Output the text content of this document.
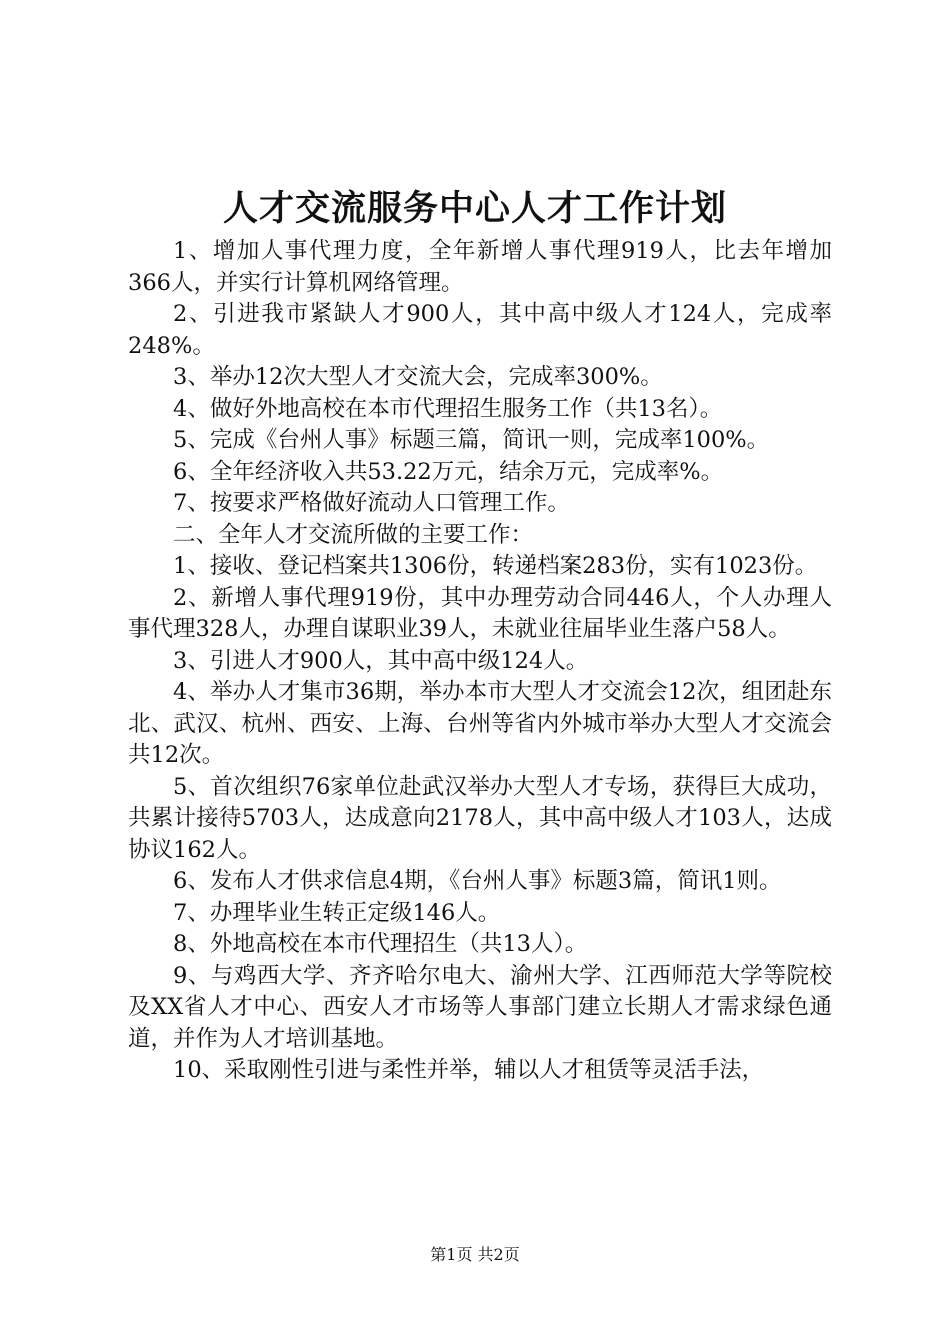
人才交流服务中心人才工作计划

1、增加人事代理力度，全年新增人事代理919人，比去年增加366人，并实行计算机网络管理。

2、引进我市紧缺人才900人，其中高中级人才124人，完成率248%。

3、举办12次大型人才交流大会，完成率300%。

4、做好外地高校在本市代理招生服务工作（共13名）。

5、完成《台州人事》标题三篇，简讯一则，完成率100%。

6、全年经济收入共53.22万元，结余万元，完成率%。

7、按要求严格做好流动人口管理工作。

二、全年人才交流所做的主要工作：

1、接收、登记档案共1306份，转递档案283份，实有1023份。

2、新增人事代理919份，其中办理劳动合同446人，个人办理人事代理328人，办理自谋职业39人，未就业往届毕业生落户58人。

3、引进人才900人，其中高中级124人。

4、举办人才集市36期，举办本市大型人才交流会12次，组团赴东北、武汉、杭州、西安、上海、台州等省内外城市举办大型人才交流会共12次。

5、首次组织76家单位赴武汉举办大型人才专场，获得巨大成功，共累计接待5703人，达成意向2178人，其中高中级人才103人，达成协议162人。

6、发布人才供求信息4期，《台州人事》标题3篇，简讯1则。

7、办理毕业生转正定级146人。

8、外地高校在本市代理招生（共13人）。

9、与鸡西大学、齐齐哈尔电大、渝州大学、江西师范大学等院校及XX省人才中心、西安人才市场等人事部门建立长期人才需求绿色通道，并作为人才培训基地。

10、采取刚性引进与柔性并举，辅以人才租赁等灵活手法，

第1页 共2页
